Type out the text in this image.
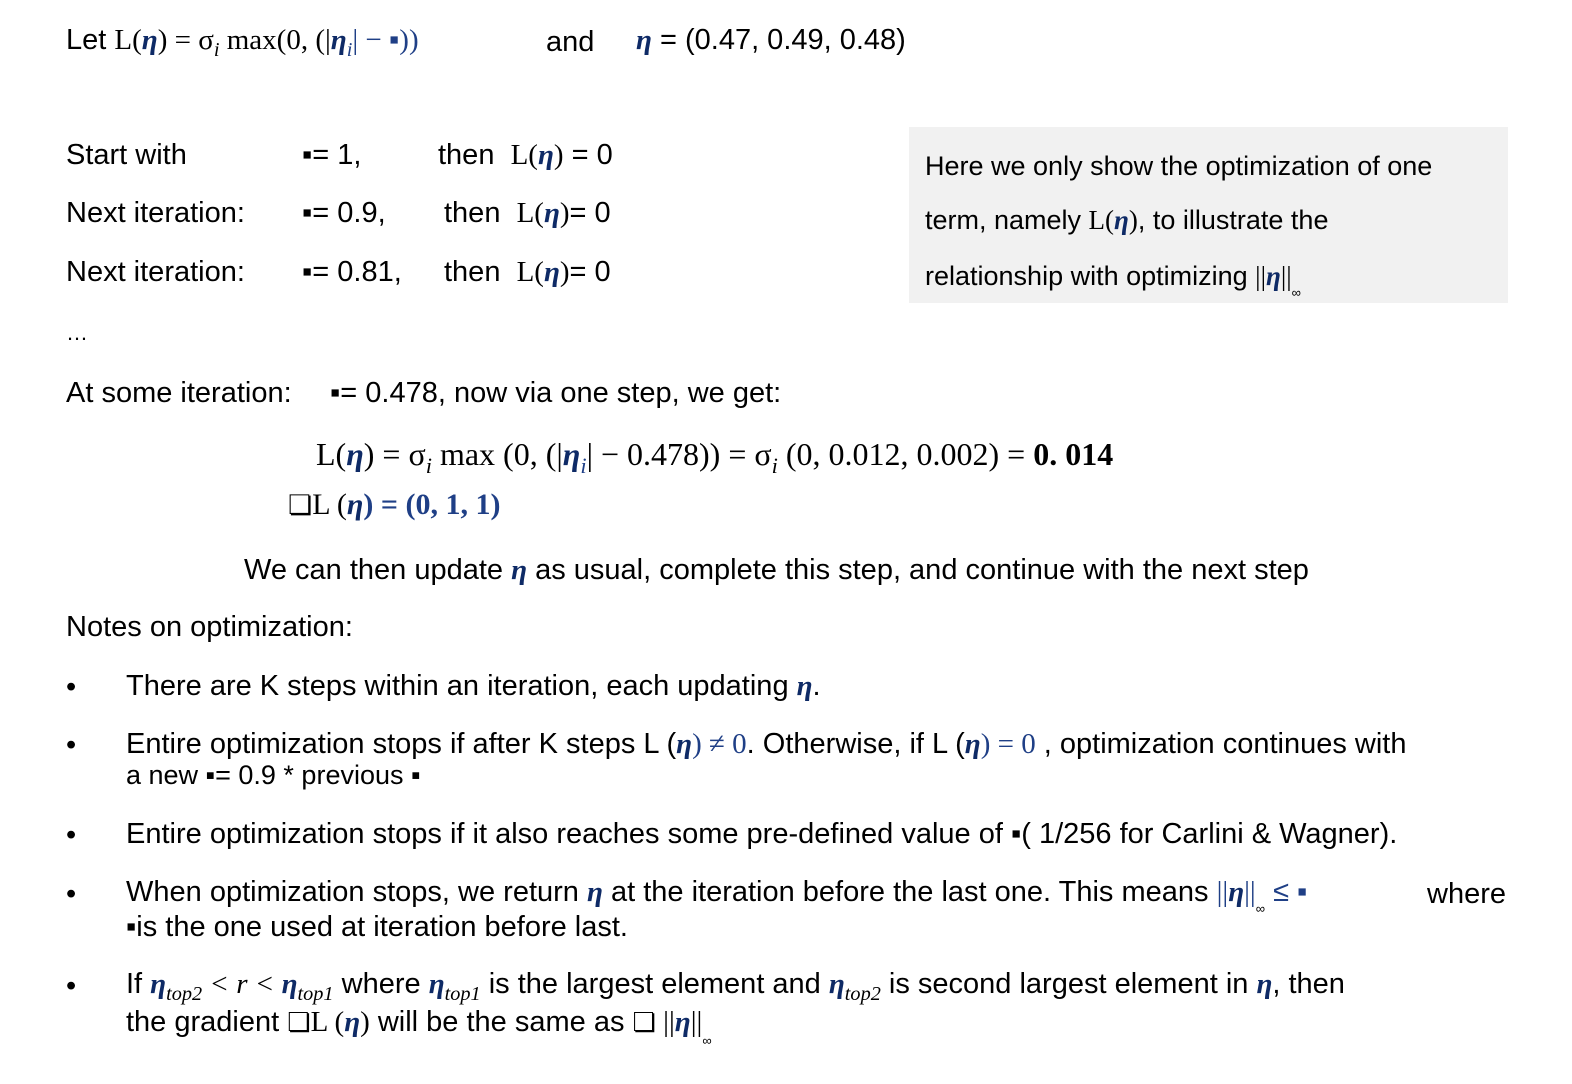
Let $L(\eta) = \sigma_i$ max(0, ($|\eta_i|$ − ▪))	and η = (0.47, 0.49, 0.48)
Start with	▪= 1,	then L(η) = 0
Next iteration: ▪= 0.9, then L(η)= 0
Next iteration: ▪= 0.81, then L(η)= 0
…
Here we only show the optimization of one
term, namely L(η), to illustrate the
relationship with optimizing $||\eta||_\infty$
At some iteration: ▪= 0.478, now via one step, we get:
$L(\eta) = \sigma_i$ max (0, $(|\eta_i| - 0.478)) = \sigma_i$ (0, 0.012, 0.002) = 0. 014
❏L (η) = (0, 1, 1)
We can then update η as usual, complete this step, and continue with the next step
Notes on optimization:
• There are K steps within an iteration, each updating η.
• Entire optimization stops if after K steps L (η) ≠ 0. Otherwise, if L (η) = 0 , optimization continues with
a new ▪= 0.9 * previous ▪
• Entire optimization stops if it also reaches some pre-defined value of ▪( 1/256 for Carlini & Wagner).
• When optimization stops, we return η at the iteration before the last one. This means $||\eta||_\infty$ ≤ ▪	where
▪is the one used at iteration before last.
• If $\eta_{top2} < r < \eta_{top1}$ where $\eta_{top1}$ is the largest element and $\eta_{top2}$ is second largest element in η, then
the gradient ❏L (η) will be the same as ❏ $||\eta||_\infty$
